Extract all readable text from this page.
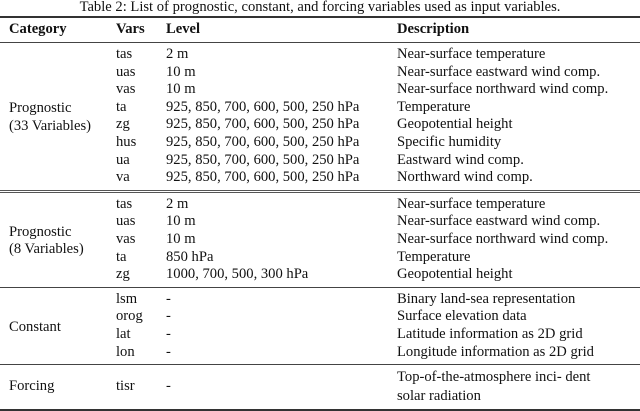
Table 2: List of prognostic, constant, and forcing variables used as input variables.
Category	Vars	Level	Description

Prognostic
(33 Variables)	tas	2 m	Near-surface temperature
	uas	10 m	Near-surface eastward wind comp.
	vas	10 m	Near-surface northward wind comp.
	ta	925, 850, 700, 600, 500, 250 hPa	Temperature
	zg	925, 850, 700, 600, 500, 250 hPa	Geopotential height
	hus	925, 850, 700, 600, 500, 250 hPa	Specific humidity
	ua	925, 850, 700, 600, 500, 250 hPa	Eastward wind comp.
	va	925, 850, 700, 600, 500, 250 hPa	Northward wind comp.

Prognostic
(8 Variables)	tas	2 m	Near-surface temperature
	uas	10 m	Near-surface eastward wind comp.
	vas	10 m	Near-surface northward wind comp.
	ta	850 hPa	Temperature
	zg	1000, 700, 500, 300 hPa	Geopotential height

Constant	lsm	-	Binary land-sea representation
	orog	-	Surface elevation data
	lat	-	Latitude information as 2D grid
	lon	-	Longitude information as 2D grid

Forcing	tisr	-	Top-of-the-atmosphere inci- dent solar radiation
